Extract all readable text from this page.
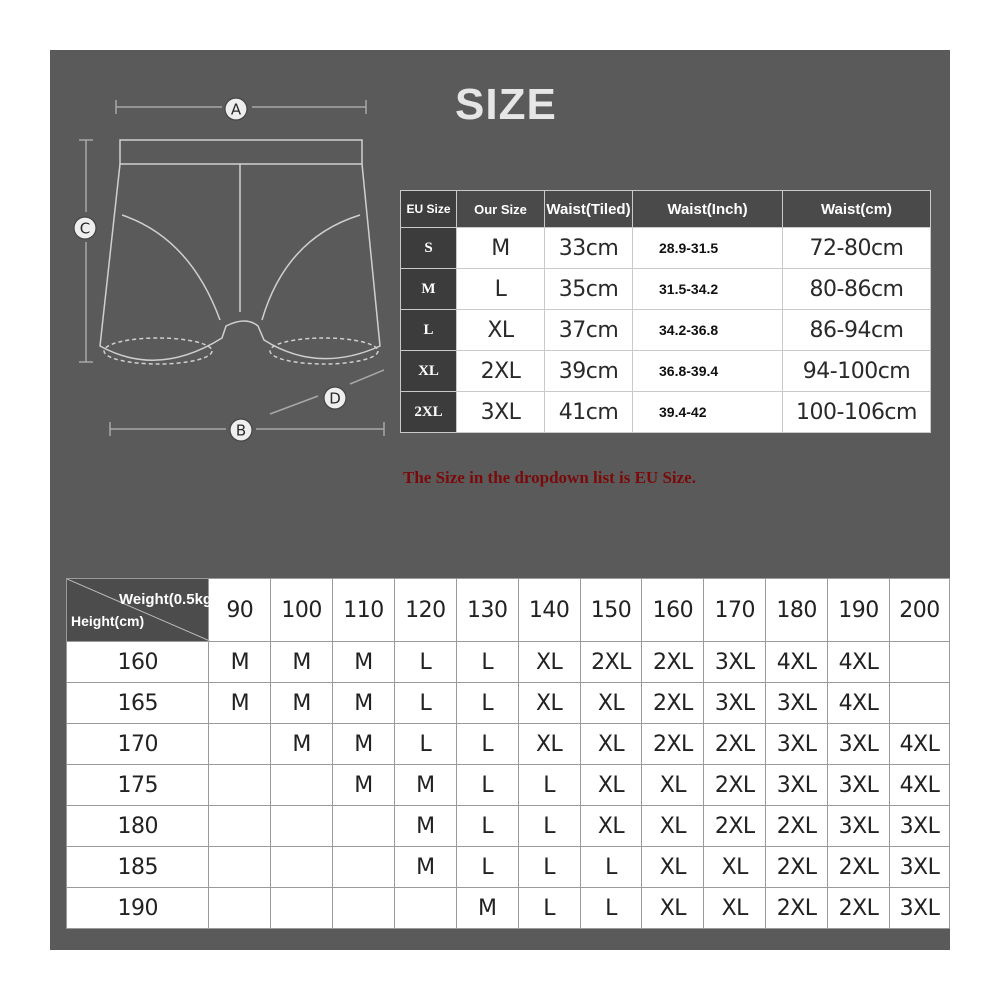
A
C
D
B
SIZE
EU Size	Our Size	Waist(Tiled)	Waist(Inch)	Waist(cm)
S	M	33cm	28.9-31.5	72-80cm
M	L	35cm	31.5-34.2	80-86cm
L	XL	37cm	34.2-36.8	86-94cm
XL	2XL	39cm	36.8-39.4	94-100cm
2XL	3XL	41cm	39.4-42	100-106cm
The Size in the dropdown list is EU Size.
Weight(0.5kg)
Height(cm)	90	100	110	120	130	140	150	160	170	180	190	200
160	M	M	M	L	L	XL	2XL	2XL	3XL	4XL	4XL	
165	M	M	M	L	L	XL	XL	2XL	3XL	3XL	4XL	
170		M	M	L	L	XL	XL	2XL	2XL	3XL	3XL	4XL
175			M	M	L	L	XL	XL	2XL	3XL	3XL	4XL
180				M	L	L	XL	XL	2XL	2XL	3XL	3XL
185				M	L	L	L	XL	XL	2XL	2XL	3XL
190					M	L	L	XL	XL	2XL	2XL	3XL
